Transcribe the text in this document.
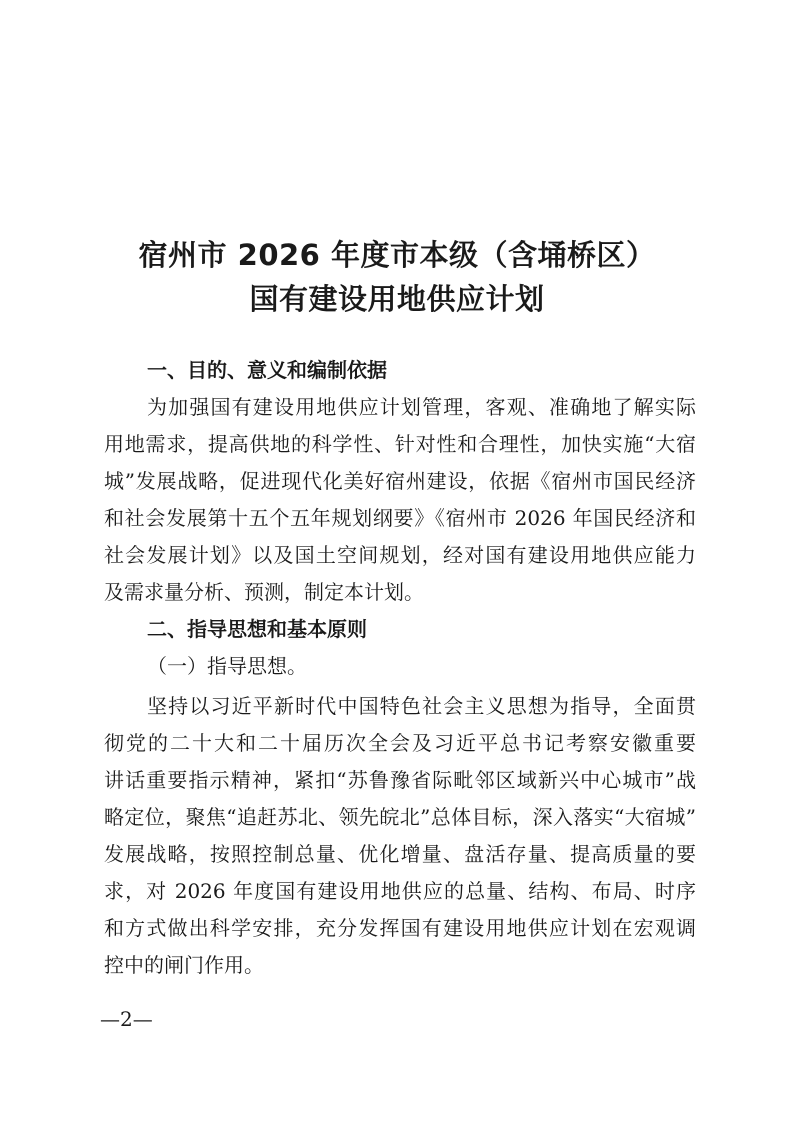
宿州市 2026 年度市本级（含埇桥区）
国有建设用地供应计划
一、目的、意义和编制依据

为加强国有建设用地供应计划管理，客观、准确地了解实际
用地需求，提高供地的科学性、针对性和合理性，加快实施“大宿
城”发展战略，促进现代化美好宿州建设，依据《宿州市国民经济
和社会发展第十五个五年规划纲要》《宿州市 2026 年国民经济和
社会发展计划》以及国土空间规划，经对国有建设用地供应能力
及需求量分析、预测，制定本计划。

二、指导思想和基本原则

（一）指导思想。

坚持以习近平新时代中国特色社会主义思想为指导，全面贯
彻党的二十大和二十届历次全会及习近平总书记考察安徽重要
讲话重要指示精神，紧扣“苏鲁豫省际毗邻区域新兴中心城市”战
略定位，聚焦“追赶苏北、领先皖北”总体目标，深入落实“大宿城”
发展战略，按照控制总量、优化增量、盘活存量、提高质量的要
求，对 2026 年度国有建设用地供应的总量、结构、布局、时序
和方式做出科学安排，充分发挥国有建设用地供应计划在宏观调
控中的闸门作用。

—2—
